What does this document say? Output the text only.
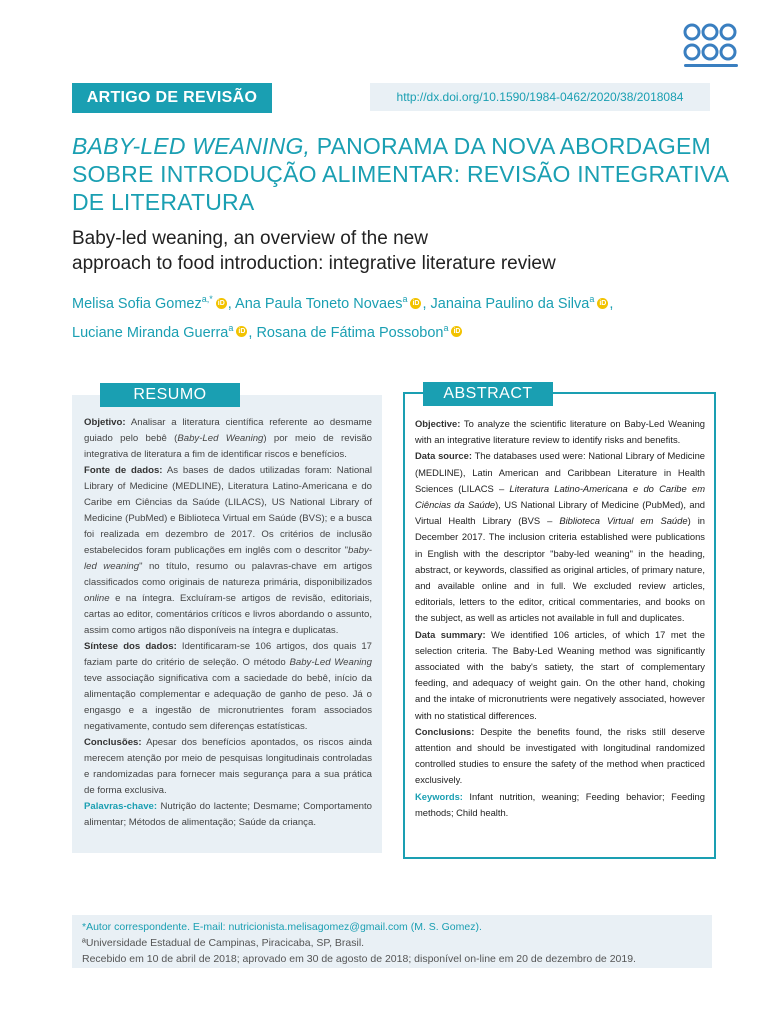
ARTIGO DE REVISÃO	http://dx.doi.org/10.1590/1984-0462/2020/38/2018084
BABY-LED WEANING, PANORAMA DA NOVA ABORDAGEM SOBRE INTRODUÇÃO ALIMENTAR: REVISÃO INTEGRATIVA DE LITERATURA

Baby-led weaning, an overview of the new
approach to food introduction: integrative literature review

Melisa Sofia Gomez$^{a,*}$ iD , Ana Paula Toneto Novaes$^a$ iD , Janaina Paulino da Silva$^a$ iD ,
Luciane Miranda Guerra$^a$ iD , Rosana de Fátima Possobon$^a$ iD
RESUMO

Objetivo: Analisar a literatura científica referente ao desmame guiado pelo bebê (Baby-Led Weaning) por meio de revisão integrativa de literatura a fim de identificar riscos e benefícios.

Fonte de dados: As bases de dados utilizadas foram: National Library of Medicine (MEDLINE), Literatura Latino-Americana e do Caribe em Ciências da Saúde (LILACS), US National Library of Medicine (PubMed) e Biblioteca Virtual em Saúde (BVS); e a busca foi realizada em dezembro de 2017. Os critérios de inclusão estabelecidos foram publicações em inglês com o descritor "baby-led weaning" no título, resumo ou palavras-chave em artigos classificados como originais de natureza primária, disponibilizados online e na íntegra. Excluíram-se artigos de revisão, editoriais, cartas ao editor, comentários críticos e livros abordando o assunto, assim como artigos não disponíveis na íntegra e duplicatas.

Síntese dos dados: Identificaram-se 106 artigos, dos quais 17 faziam parte do critério de seleção. O método Baby-Led Weaning teve associação significativa com a saciedade do bebê, início da alimentação complementar e adequação de ganho de peso. Já o engasgo e a ingestão de micronutrientes foram associados negativamente, contudo sem diferenças estatísticas.

Conclusões: Apesar dos benefícios apontados, os riscos ainda merecem atenção por meio de pesquisas longitudinais controladas e randomizadas para fornecer mais segurança para a sua prática de forma exclusiva.

Palavras-chave: Nutrição do lactente; Desmame; Comportamento alimentar; Métodos de alimentação; Saúde da criança.

ABSTRACT

Objective: To analyze the scientific literature on Baby-Led Weaning with an integrative literature review to identify risks and benefits.

Data source: The databases used were: National Library of Medicine (MEDLINE), Latin American and Caribbean Literature in Health Sciences (LILACS – Literatura Latino-Americana e do Caribe em Ciências da Saúde), US National Library of Medicine (PubMed), and Virtual Health Library (BVS – Biblioteca Virtual em Saúde) in December 2017. The inclusion criteria established were publications in English with the descriptor "baby-led weaning" in the heading, abstract, or keywords, classified as original articles, of primary nature, and available online and in full. We excluded review articles, editorials, letters to the editor, critical commentaries, and books on the subject, as well as articles not available in full and duplicates.

Data summary: We identified 106 articles, of which 17 met the selection criteria. The Baby-Led Weaning method was significantly associated with the baby's satiety, the start of complementary feeding, and adequacy of weight gain. On the other hand, choking and the intake of micronutrients were negatively associated, however with no statistical differences.

Conclusions: Despite the benefits found, the risks still deserve attention and should be investigated with longitudinal randomized controlled studies to ensure the safety of the method when practiced exclusively.

Keywords: Infant nutrition, weaning; Feeding behavior; Feeding methods; Child health.

*Autor correspondente. E-mail: nutricionista.melisagomez@gmail.com (M. S. Gomez).
ªUniversidade Estadual de Campinas, Piracicaba, SP, Brasil.
Recebido em 10 de abril de 2018; aprovado em 30 de agosto de 2018; disponível on-line em 20 de dezembro de 2019.
